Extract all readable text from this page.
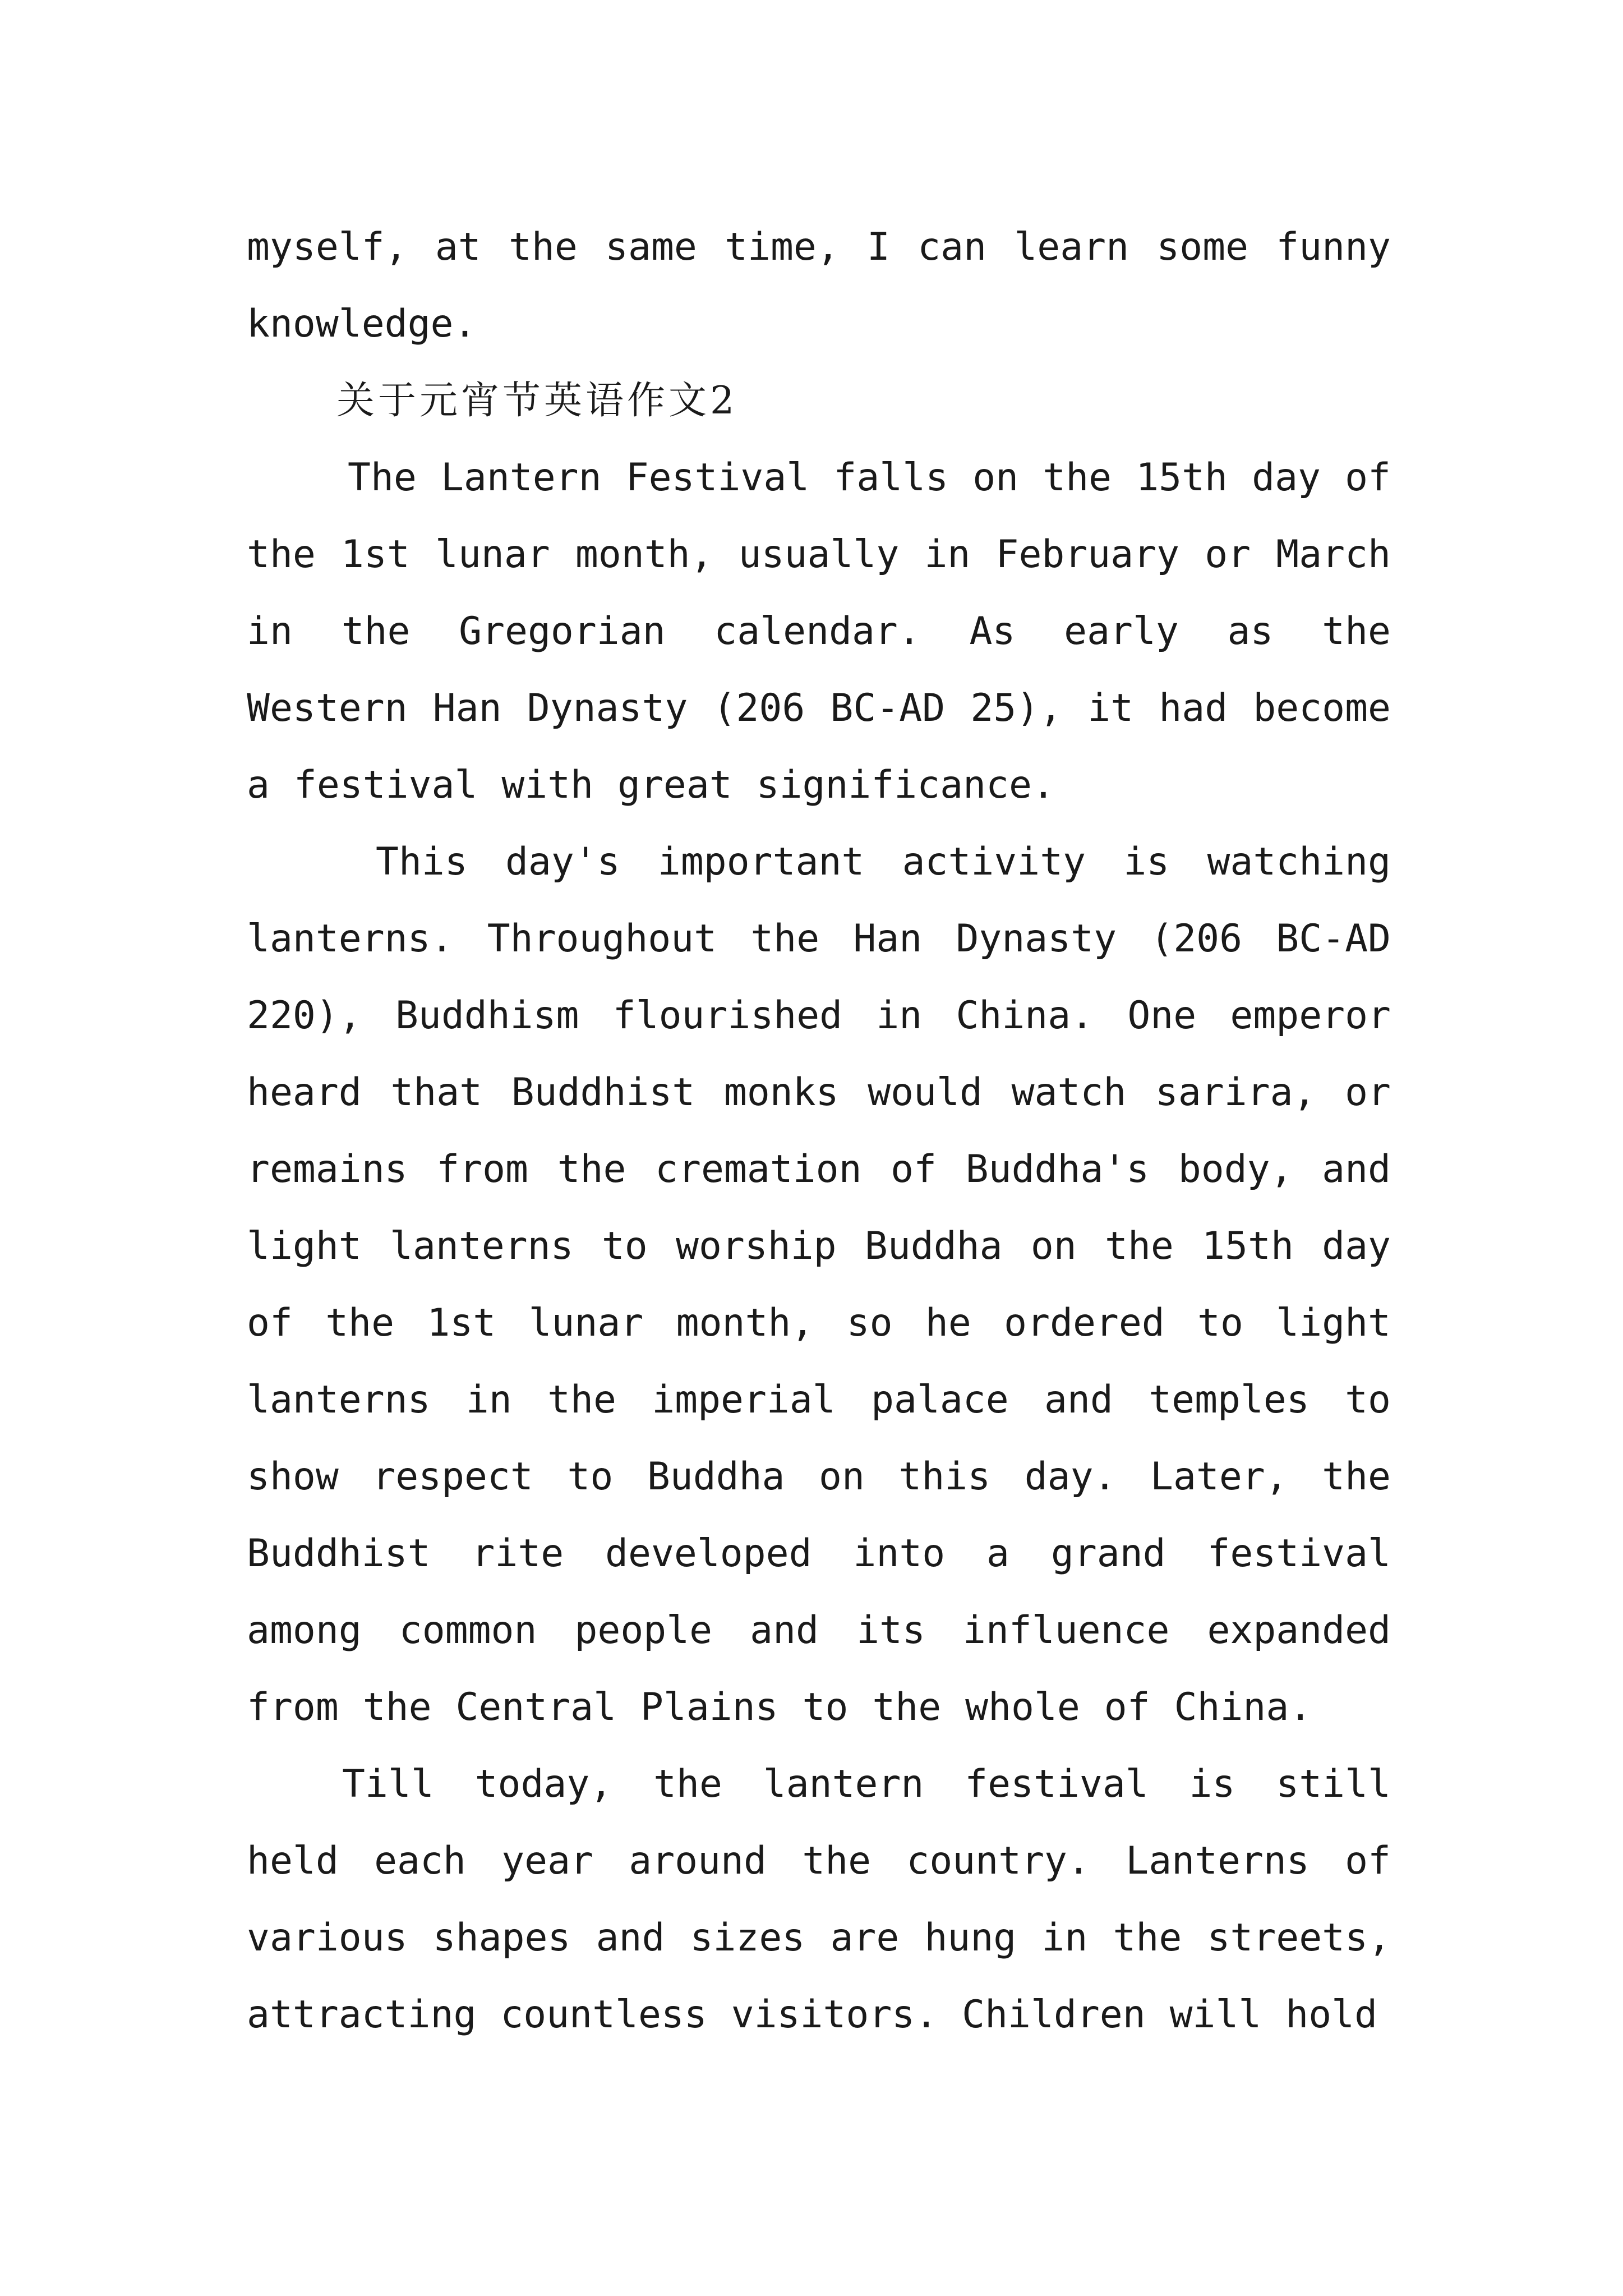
myself, at the same time, I can learn some funny knowledge.

关于元宵节英语作文2

The Lantern Festival falls on the 15th day of the 1st lunar month, usually in February or March in the Gregorian calendar. As early as the Western Han Dynasty (206 BC-AD 25), it had become a festival with great significance.

This day's important activity is watching lanterns. Throughout the Han Dynasty (206 BC-AD 220), Buddhism flourished in China. One emperor heard that Buddhist monks would watch sarira, or remains from the cremation of Buddha's body, and light lanterns to worship Buddha on the 15th day of the 1st lunar month, so he ordered to light lanterns in the imperial palace and temples to show respect to Buddha on this day. Later, the Buddhist rite developed into a grand festival among common people and its influence expanded from the Central Plains to the whole of China.

Till today, the lantern festival is still held each year around the country. Lanterns of various shapes and sizes are hung in the streets, attracting countless visitors. Children will hold
